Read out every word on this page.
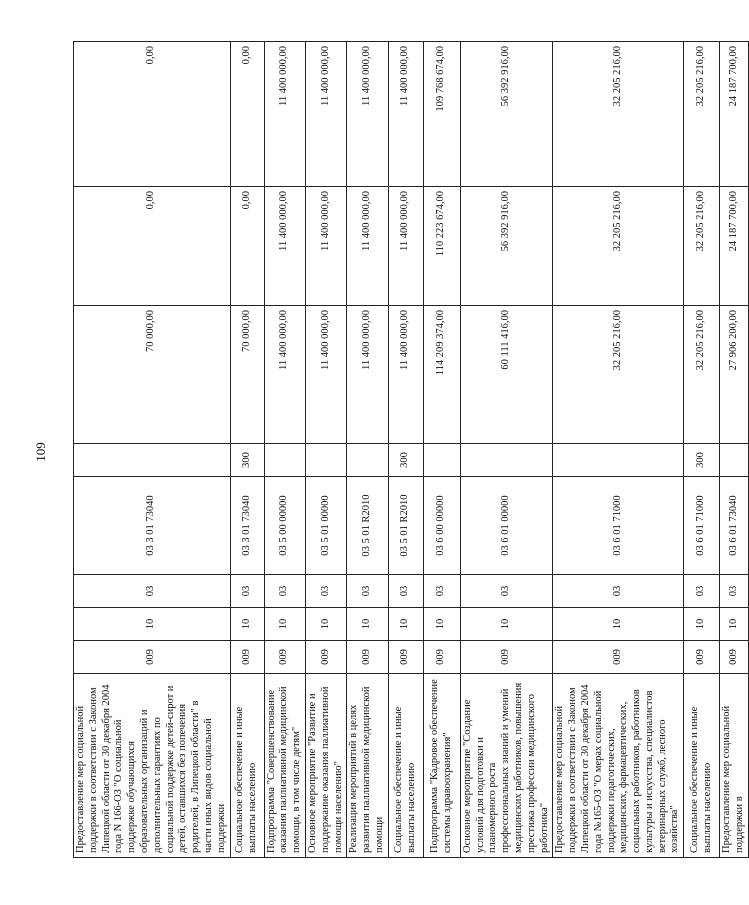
109
Предоставление мер социальной поддержки в соответствии с Законом Липецкой области от 30 декабря 2004 года N 166-ОЗ "О социальной поддержке обучающихся образовательных организаций и дополнительных гарантиях по социальной поддержке детей-сирот и детей, оставшихся без попечения родителей, в Липецкой области" в части иных видов социальной поддержки	009	10	03	03 3 01 73040		70 000,00	0,00	0,00
Социальное обеспечение и иные выплаты населению	009	10	03	03 3 01 73040	300	70 000,00	0,00	0,00
Подпрограмма "Совершенствование оказания паллиативной медицинской помощи, в том числе детям"	009	10	03	03 5 00 00000		11 400 000,00	11 400 000,00	11 400 000,00
Основное мероприятие "Развитие и поддержание оказания паллиативной помощи населению"	009	10	03	03 5 01 00000		11 400 000,00	11 400 000,00	11 400 000,00
Реализация мероприятий в целях развития паллиативной медицинской помощи	009	10	03	03 5 01 R2010		11 400 000,00	11 400 000,00	11 400 000,00
Социальное обеспечение и иные выплаты населению	009	10	03	03 5 01 R2010	300	11 400 000,00	11 400 000,00	11 400 000,00
Подпрограмма "Кадровое обеспечение системы здравоохранения"	009	10	03	03 6 00 00000		114 209 374,00	110 223 674,00	109 768 674,00
Основное мероприятие "Создание условий для подготовки и планомерного роста профессиональных знаний и умений медицинских работников, повышения престижа профессии медицинского работника"	009	10	03	03 6 01 00000		60 111 416,00	56 392 916,00	56 392 916,00
Предоставление мер социальной поддержки в соответствии с Законом Липецкой области от 30 декабря 2004 года №165-ОЗ "О мерах социальной поддержки педагогических, медицинских, фармацевтических, социальных работников, работников культуры и искусства, специалистов ветеринарных служб, лесного хозяйства"	009	10	03	03 6 01 71000		32 205 216,00	32 205 216,00	32 205 216,00
Социальное обеспечение и иные выплаты населению	009	10	03	03 6 01 71000	300	32 205 216,00	32 205 216,00	32 205 216,00
Предоставление мер социальной поддержки в	009	10	03	03 6 01 73040		27 906 200,00	24 187 700,00	24 187 700,00
